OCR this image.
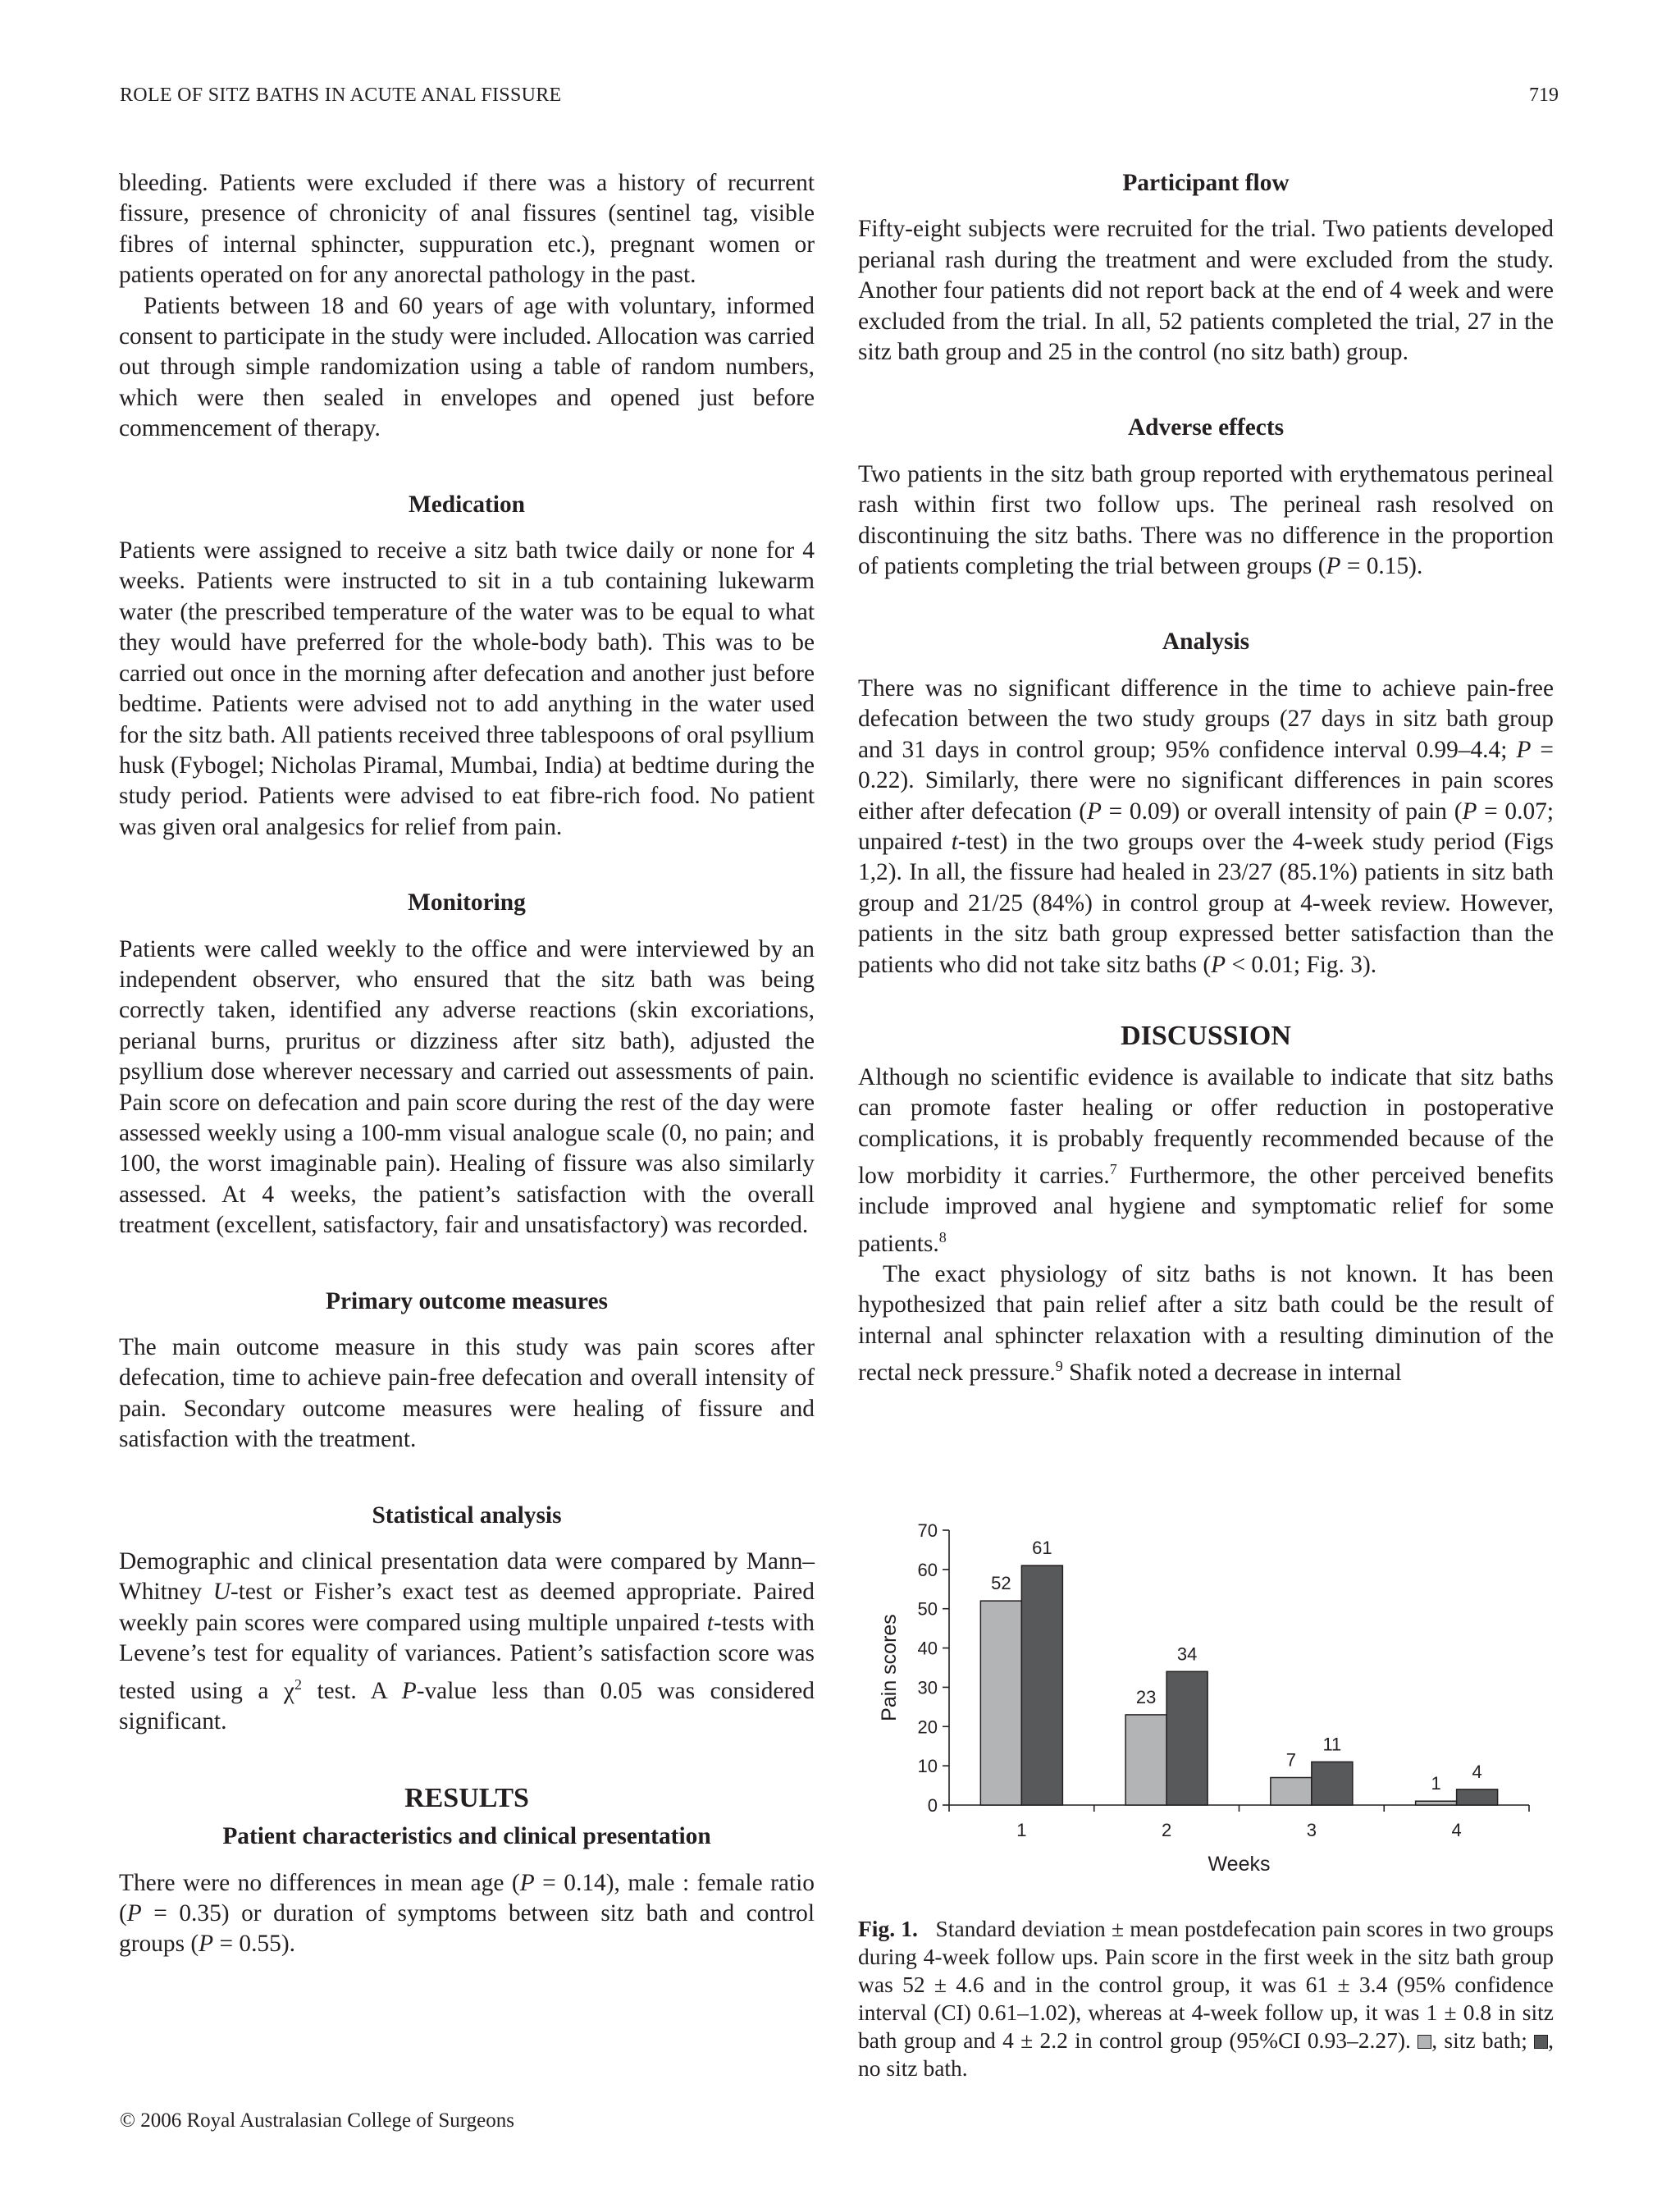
ROLE OF SITZ BATHS IN ACUTE ANAL FISSURE	719

bleeding. Patients were excluded if there was a history of recurrent fissure, presence of chronicity of anal fissures (sentinel tag, visible fibres of internal sphincter, suppuration etc.), pregnant women or patients operated on for any anorectal pathology in the past.

Patients between 18 and 60 years of age with voluntary, informed consent to participate in the study were included. Allocation was carried out through simple randomization using a table of random numbers, which were then sealed in envelopes and opened just before commencement of therapy.

Medication

Patients were assigned to receive a sitz bath twice daily or none for 4 weeks. Patients were instructed to sit in a tub containing lukewarm water (the prescribed temperature of the water was to be equal to what they would have preferred for the whole-body bath). This was to be carried out once in the morning after defecation and another just before bedtime. Patients were advised not to add anything in the water used for the sitz bath. All patients received three tablespoons of oral psyllium husk (Fybogel; Nicholas Piramal, Mumbai, India) at bedtime during the study period. Patients were advised to eat fibre-rich food. No patient was given oral analgesics for relief from pain.

Monitoring

Patients were called weekly to the office and were interviewed by an independent observer, who ensured that the sitz bath was being correctly taken, identified any adverse reactions (skin excoriations, perianal burns, pruritus or dizziness after sitz bath), adjusted the psyllium dose wherever necessary and carried out assessments of pain. Pain score on defecation and pain score during the rest of the day were assessed weekly using a 100-mm visual analogue scale (0, no pain; and 100, the worst imaginable pain). Healing of fissure was also similarly assessed. At 4 weeks, the patient’s satisfaction with the overall treatment (excellent, satisfactory, fair and unsatisfactory) was recorded.

Primary outcome measures

The main outcome measure in this study was pain scores after defecation, time to achieve pain-free defecation and overall intensity of pain. Secondary outcome measures were healing of fissure and satisfaction with the treatment.

Statistical analysis

Demographic and clinical presentation data were compared by Mann–Whitney U-test or Fisher’s exact test as deemed appropriate. Paired weekly pain scores were compared using multiple unpaired t-tests with Levene’s test for equality of variances. Patient’s satisfaction score was tested using a $\chi^2$ test. A P-value less than 0.05 was considered significant.

RESULTS
Patient characteristics and clinical presentation

There were no differences in mean age (P = 0.14), male : female ratio (P = 0.35) or duration of symptoms between sitz bath and control groups (P = 0.55).

Participant flow

Fifty-eight subjects were recruited for the trial. Two patients developed perianal rash during the treatment and were excluded from the study. Another four patients did not report back at the end of 4 week and were excluded from the trial. In all, 52 patients completed the trial, 27 in the sitz bath group and 25 in the control (no sitz bath) group.

Adverse effects

Two patients in the sitz bath group reported with erythematous perineal rash within first two follow ups. The perineal rash resolved on discontinuing the sitz baths. There was no difference in the proportion of patients completing the trial between groups (P = 0.15).

Analysis

There was no significant difference in the time to achieve pain-free defecation between the two study groups (27 days in sitz bath group and 31 days in control group; 95% confidence interval 0.99–4.4; P = 0.22). Similarly, there were no significant differences in pain scores either after defecation (P = 0.09) or overall intensity of pain (P = 0.07; unpaired t-test) in the two groups over the 4-week study period (Figs 1,2). In all, the fissure had healed in 23/27 (85.1%) patients in sitz bath group and 21/25 (84%) in control group at 4-week review. However, patients in the sitz bath group expressed better satisfaction than the patients who did not take sitz baths (P < 0.01; Fig. 3).

DISCUSSION

Although no scientific evidence is available to indicate that sitz baths can promote faster healing or offer reduction in postoperative complications, it is probably frequently recommended because of the low morbidity it carries.$^7$ Furthermore, the other perceived benefits include improved anal hygiene and symptomatic relief for some patients.$^8$

The exact physiology of sitz baths is not known. It has been hypothesized that pain relief after a sitz bath could be the result of internal anal sphincter relaxation with a resulting diminution of the rectal neck pressure.$^9$ Shafik noted a decrease in internal

0
10
20
30
40
50
60
70
52
61
1
23
34
2
7
11
3
1
4
4
Weeks
Pain scores

Fig. 1. Standard deviation ± mean postdefecation pain scores in two groups during 4-week follow ups. Pain score in the first week in the sitz bath group was 52 ± 4.6 and in the control group, it was 61 ± 3.4 (95% confidence interval (CI) 0.61–1.02), whereas at 4-week follow up, it was 1 ± 0.8 in sitz bath group and 4 ± 2.2 in control group (95%CI 0.93–2.27). , sitz bath; , no sitz bath.

© 2006 Royal Australasian College of Surgeons
